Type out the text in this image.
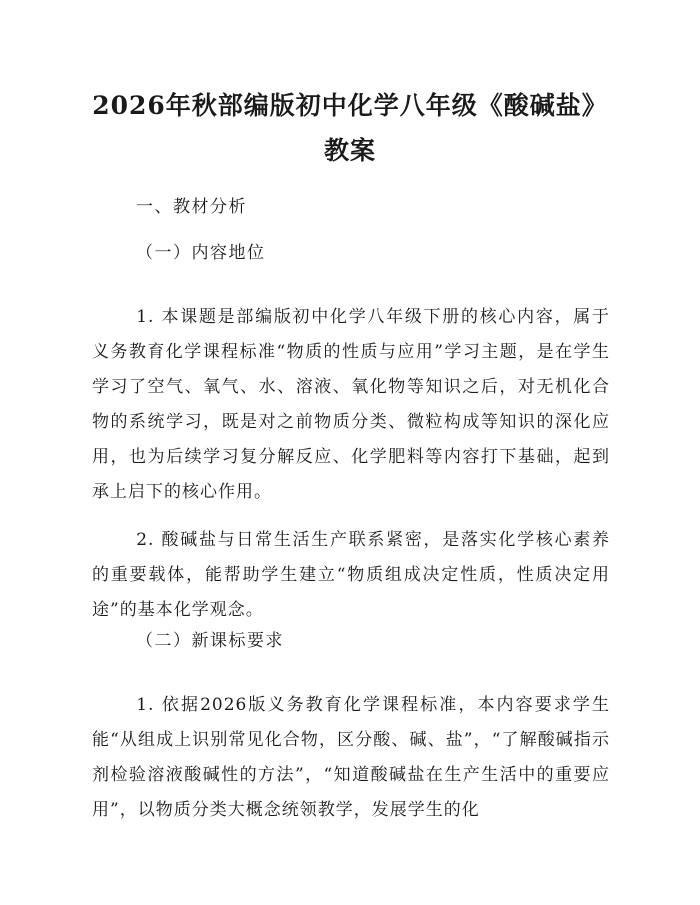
2026年秋部编版初中化学八年级《酸碱盐》
教案
一、教材分析
（一）内容地位

1. 本课题是部编版初中化学八年级下册的核心内容，属于义务教育化学课程标准“物质的性质与应用”学习主题，是在学生学习了空气、氧气、水、溶液、氧化物等知识之后，对无机化合物的系统学习，既是对之前物质分类、微粒构成等知识的深化应用，也为后续学习复分解反应、化学肥料等内容打下基础，起到承上启下的核心作用。

2. 酸碱盐与日常生活生产联系紧密，是落实化学核心素养的重要载体，能帮助学生建立“物质组成决定性质，性质决定用途”的基本化学观念。

（二）新课标要求

1. 依据2026版义务教育化学课程标准，本内容要求学生能“从组成上识别常见化合物，区分酸、碱、盐”，“了解酸碱指示剂检验溶液酸碱性的方法”，“知道酸碱盐在生产生活中的重要应用”，以物质分类大概念统领教学，发展学生的化
